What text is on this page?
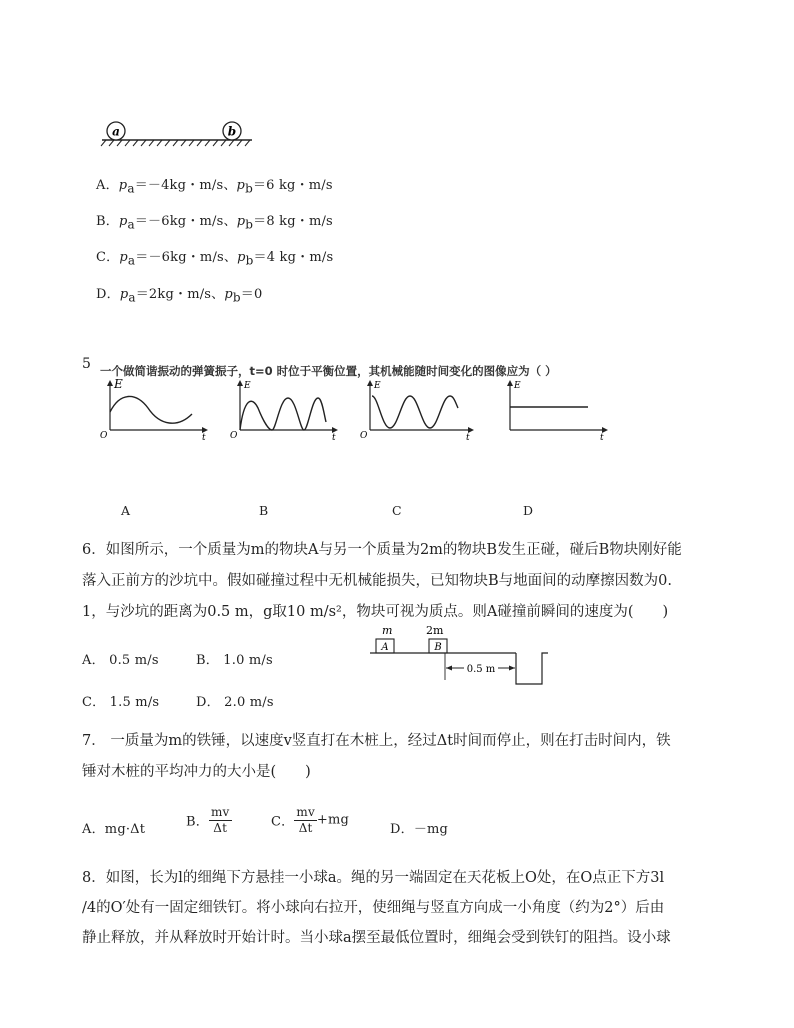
a	b
A．$p_a=-4kg$・m/s、$p_b=6$ kg・m/s
B．$p_a=-6kg$・m/s、$p_b=8$ kg・m/s
C．$p_a=-6kg$・m/s、$p_b=4$ kg・m/s
D．$p_a=2kg$・m/s、$p_b=0$
5 一个做简谐振动的弹簧振子，t=0 时位于平衡位置，其机械能随时间变化的图像应为（ ）
E
t
O
E
t
O
E
t
O
E
t
A	B	C	D
6．如图所示，一个质量为m的物块A与另一个质量为2m的物块B发生正碰，碰后B物块刚好能
落入正前方的沙坑中。假如碰撞过程中无机械能损失，已知物块B与地面间的动摩擦因数为0.
1，与沙坑的距离为0.5 m，g取10 m/s²，物块可视为质点。则A碰撞前瞬间的速度为(　　)
A． 0.5 m/s	B． 1.0 m/s
C． 1.5 m/s	D． 2.0 m/s
m	2m
A	B
0.5 m
7． 一质量为m的铁锤，以速度v竖直打在木桩上，经过Δt时间而停止，则在打击时间内，铁
锤对木桩的平均冲力的大小是(　　)
A．mg·Δt	B． $\frac{mv}{\Delta t}$	C． $\frac{mv}{\Delta t} +mg$
D．－mg
8．如图，长为l的细绳下方悬挂一小球a。绳的另一端固定在天花板上O处，在O点正下方3l
/4的O′处有一固定细铁钉。将小球向右拉开，使细绳与竖直方向成一小角度（约为2°）后由
静止释放，并从释放时开始计时。当小球a摆至最低位置时，细绳会受到铁钉的阻挡。设小球
